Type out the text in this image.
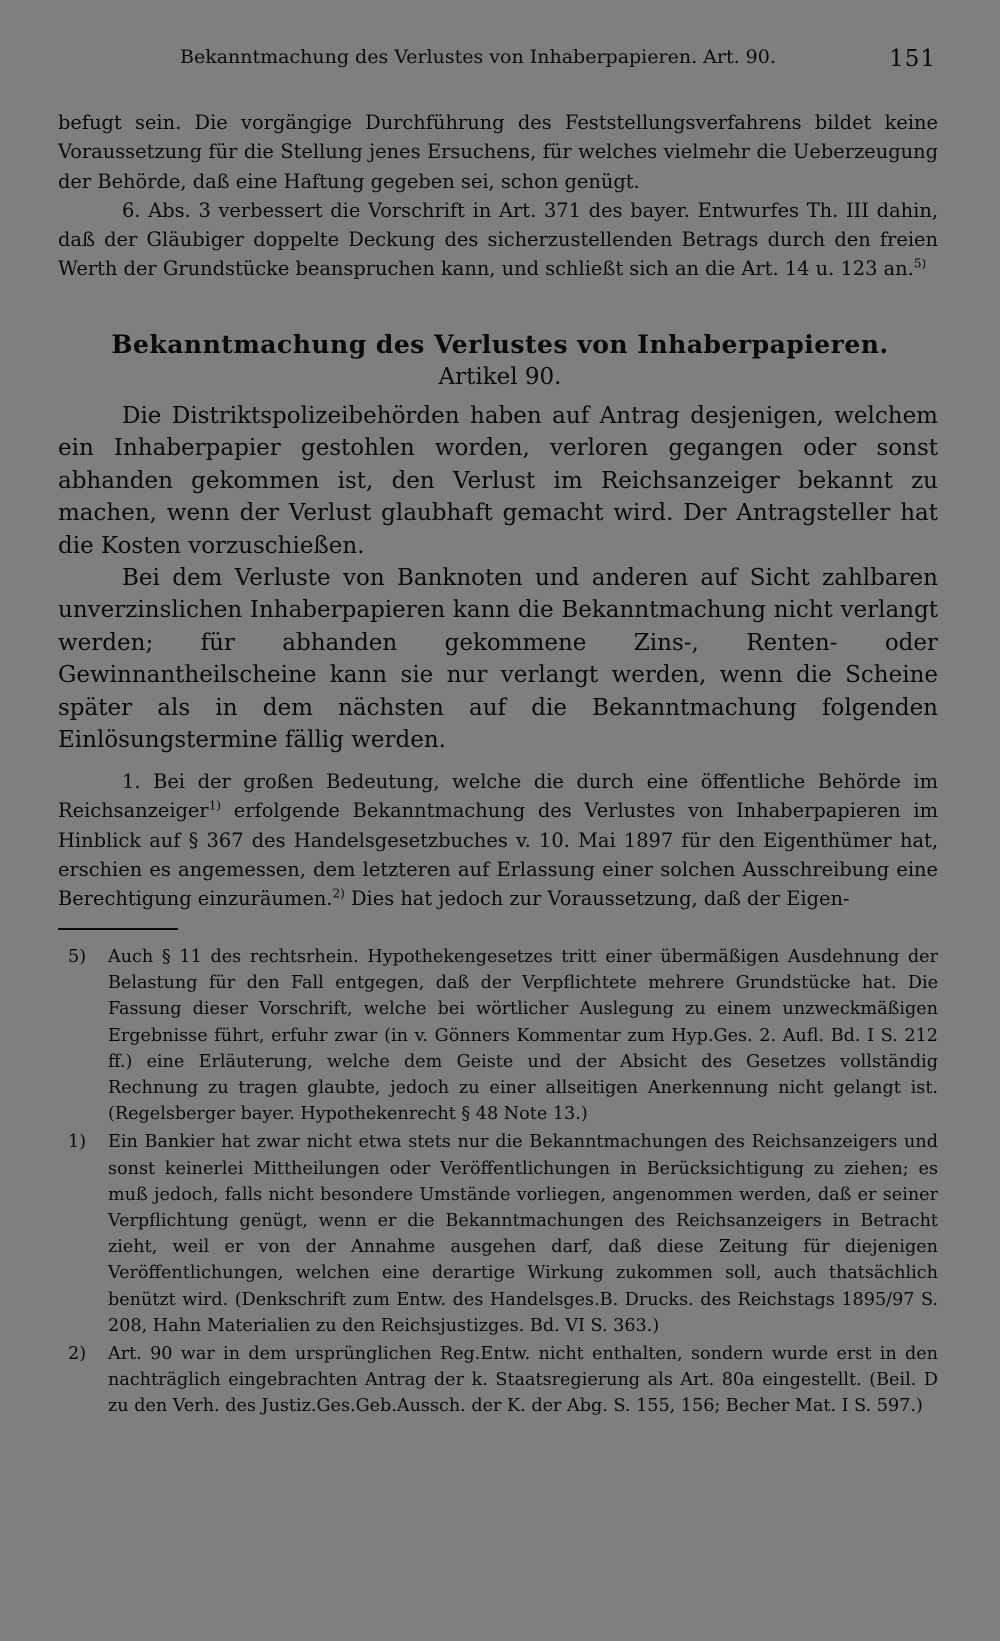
Bekanntmachung des Verlustes von Inhaberpapieren. Art. 90.	151

befugt sein. Die vorgängige Durchführung des Feststellungsverfahrens bildet keine Voraussetzung für die Stellung jenes Ersuchens, für welches vielmehr die Ueberzeugung der Behörde, daß eine Haftung gegeben sei, schon genügt.

6. Abs. 3 verbessert die Vorschrift in Art. 371 des bayer. Entwurfes Th. III dahin, daß der Gläubiger doppelte Deckung des sicherzustellenden Betrags durch den freien Werth der Grundstücke beanspruchen kann, und schließt sich an die Art. 14 u. 123 an.$^{5)}$

Bekanntmachung des Verlustes von Inhaberpapieren.
Artikel 90.

Die Distriktspolizeibehörden haben auf Antrag desjenigen, welchem ein Inhaberpapier gestohlen worden, verloren gegangen oder sonst abhanden gekommen ist, den Verlust im Reichsanzeiger bekannt zu machen, wenn der Verlust glaubhaft gemacht wird. Der Antragsteller hat die Kosten vorzuschießen.

Bei dem Verluste von Banknoten und anderen auf Sicht zahlbaren unverzinslichen Inhaberpapieren kann die Bekanntmachung nicht verlangt werden; für abhanden gekommene Zins-, Renten- oder Gewinnantheilscheine kann sie nur verlangt werden, wenn die Scheine später als in dem nächsten auf die Bekanntmachung folgenden Einlösungstermine fällig werden.

1. Bei der großen Bedeutung, welche die durch eine öffentliche Behörde im Reichsanzeiger$^{1)}$ erfolgende Bekanntmachung des Verlustes von Inhaberpapieren im Hinblick auf § 367 des Handelsgesetzbuches v. 10. Mai 1897 für den Eigenthümer hat, erschien es angemessen, dem letzteren auf Erlassung einer solchen Ausschreibung eine Berechtigung einzuräumen.$^{2)}$ Dies hat jedoch zur Voraussetzung, daß der Eigen-

5) Auch § 11 des rechtsrhein. Hypothekengesetzes tritt einer übermäßigen Ausdehnung der Belastung für den Fall entgegen, daß der Verpflichtete mehrere Grundstücke hat. Die Fassung dieser Vorschrift, welche bei wörtlicher Auslegung zu einem unzweckmäßigen Ergebnisse führt, erfuhr zwar (in v. Gönners Kommentar zum Hyp.Ges. 2. Aufl. Bd. I S. 212 ff.) eine Erläuterung, welche dem Geiste und der Absicht des Gesetzes vollständig Rechnung zu tragen glaubte, jedoch zu einer allseitigen Anerkennung nicht gelangt ist. (Regelsberger bayer. Hypothekenrecht § 48 Note 13.)

1) Ein Bankier hat zwar nicht etwa stets nur die Bekanntmachungen des Reichsanzeigers und sonst keinerlei Mittheilungen oder Veröffentlichungen in Berücksichtigung zu ziehen; es muß jedoch, falls nicht besondere Umstände vorliegen, angenommen werden, daß er seiner Verpflichtung genügt, wenn er die Bekanntmachungen des Reichsanzeigers in Betracht zieht, weil er von der Annahme ausgehen darf, daß diese Zeitung für diejenigen Veröffentlichungen, welchen eine derartige Wirkung zukommen soll, auch thatsächlich benützt wird. (Denkschrift zum Entw. des Handelsges.B. Drucks. des Reichstags 1895/97 S. 208, Hahn Materialien zu den Reichsjustizges. Bd. VI S. 363.)

2) Art. 90 war in dem ursprünglichen Reg.Entw. nicht enthalten, sondern wurde erst in den nachträglich eingebrachten Antrag der k. Staatsregierung als Art. 80a eingestellt. (Beil. D zu den Verh. des Justiz.Ges.Geb.Aussch. der K. der Abg. S. 155, 156; Becher Mat. I S. 597.)
